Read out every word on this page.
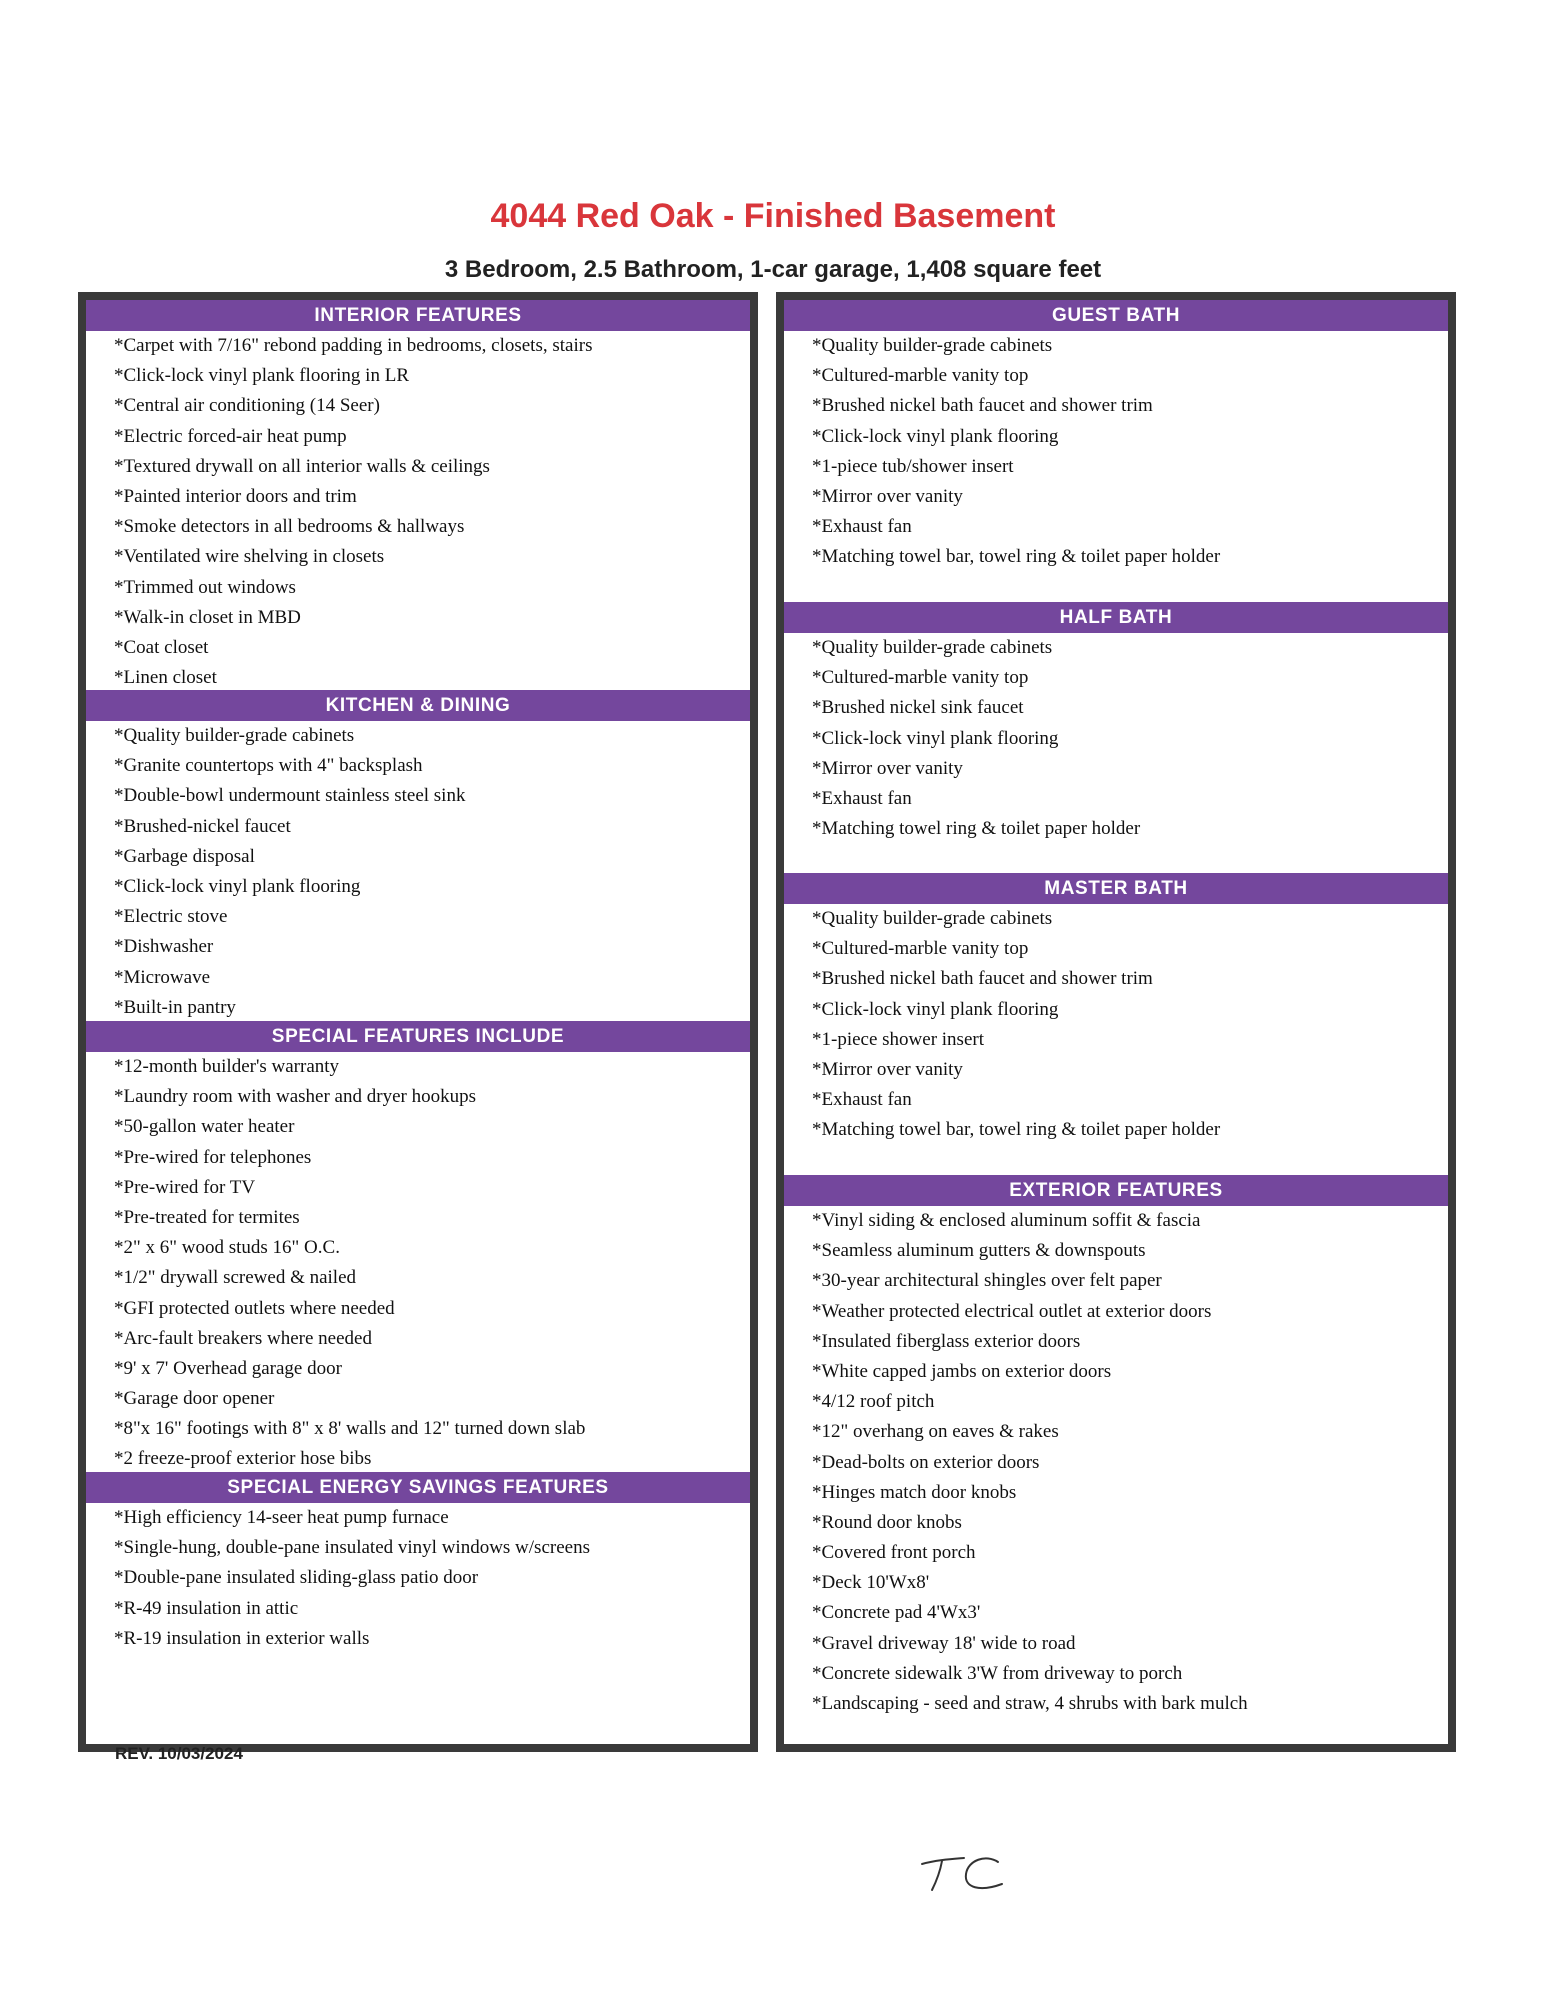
4044 Red Oak - Finished Basement
3 Bedroom, 2.5 Bathroom, 1-car garage, 1,408 square feet
INTERIOR FEATURES
*Carpet with 7/16" rebond padding in bedrooms, closets, stairs
*Click-lock vinyl plank flooring in LR
*Central air conditioning (14 Seer)
*Electric forced-air heat pump
*Textured drywall on all interior walls & ceilings
*Painted interior doors and trim
*Smoke detectors in all bedrooms & hallways
*Ventilated wire shelving in closets
*Trimmed out windows
*Walk-in closet in MBD
*Coat closet
*Linen closet
KITCHEN & DINING
*Quality builder-grade cabinets
*Granite countertops with 4" backsplash
*Double-bowl undermount stainless steel sink
*Brushed-nickel faucet
*Garbage disposal
*Click-lock vinyl plank flooring
*Electric stove
*Dishwasher
*Microwave
*Built-in pantry
SPECIAL FEATURES INCLUDE
*12-month builder's warranty
*Laundry room with washer and dryer hookups
*50-gallon water heater
*Pre-wired for telephones
*Pre-wired for TV
*Pre-treated for termites
*2" x 6" wood studs 16" O.C.
*1/2" drywall screwed & nailed
*GFI protected outlets where needed
*Arc-fault breakers where needed
*9' x 7' Overhead garage door
*Garage door opener
*8"x 16" footings with 8" x 8' walls and 12" turned down slab
*2 freeze-proof exterior hose bibs
SPECIAL ENERGY SAVINGS FEATURES
*High efficiency 14-seer heat pump furnace
*Single-hung, double-pane insulated vinyl windows w/screens
*Double-pane insulated sliding-glass patio door
*R-49 insulation in attic
*R-19 insulation in exterior walls
GUEST BATH
*Quality builder-grade cabinets
*Cultured-marble vanity top
*Brushed nickel bath faucet and shower trim
*Click-lock vinyl plank flooring
*1-piece tub/shower insert
*Mirror over vanity
*Exhaust fan
*Matching towel bar, towel ring & toilet paper holder
HALF BATH
*Quality builder-grade cabinets
*Cultured-marble vanity top
*Brushed nickel sink faucet
*Click-lock vinyl plank flooring
*Mirror over vanity
*Exhaust fan
*Matching towel ring & toilet paper holder
MASTER BATH
*Quality builder-grade cabinets
*Cultured-marble vanity top
*Brushed nickel bath faucet and shower trim
*Click-lock vinyl plank flooring
*1-piece shower insert
*Mirror over vanity
*Exhaust fan
*Matching towel bar, towel ring & toilet paper holder
EXTERIOR FEATURES
*Vinyl siding & enclosed aluminum soffit & fascia
*Seamless aluminum gutters & downspouts
*30-year architectural shingles over felt paper
*Weather protected electrical outlet at exterior doors
*Insulated fiberglass exterior doors
*White capped jambs on exterior doors
*4/12 roof pitch
*12" overhang on eaves & rakes
*Dead-bolts on exterior doors
*Hinges match door knobs
*Round door knobs
*Covered front porch
*Deck 10'Wx8'
*Concrete pad 4'Wx3'
*Gravel driveway 18' wide to road
*Concrete sidewalk 3'W from driveway to porch
*Landscaping - seed and straw, 4 shrubs with bark mulch
REV. 10/03/2024
